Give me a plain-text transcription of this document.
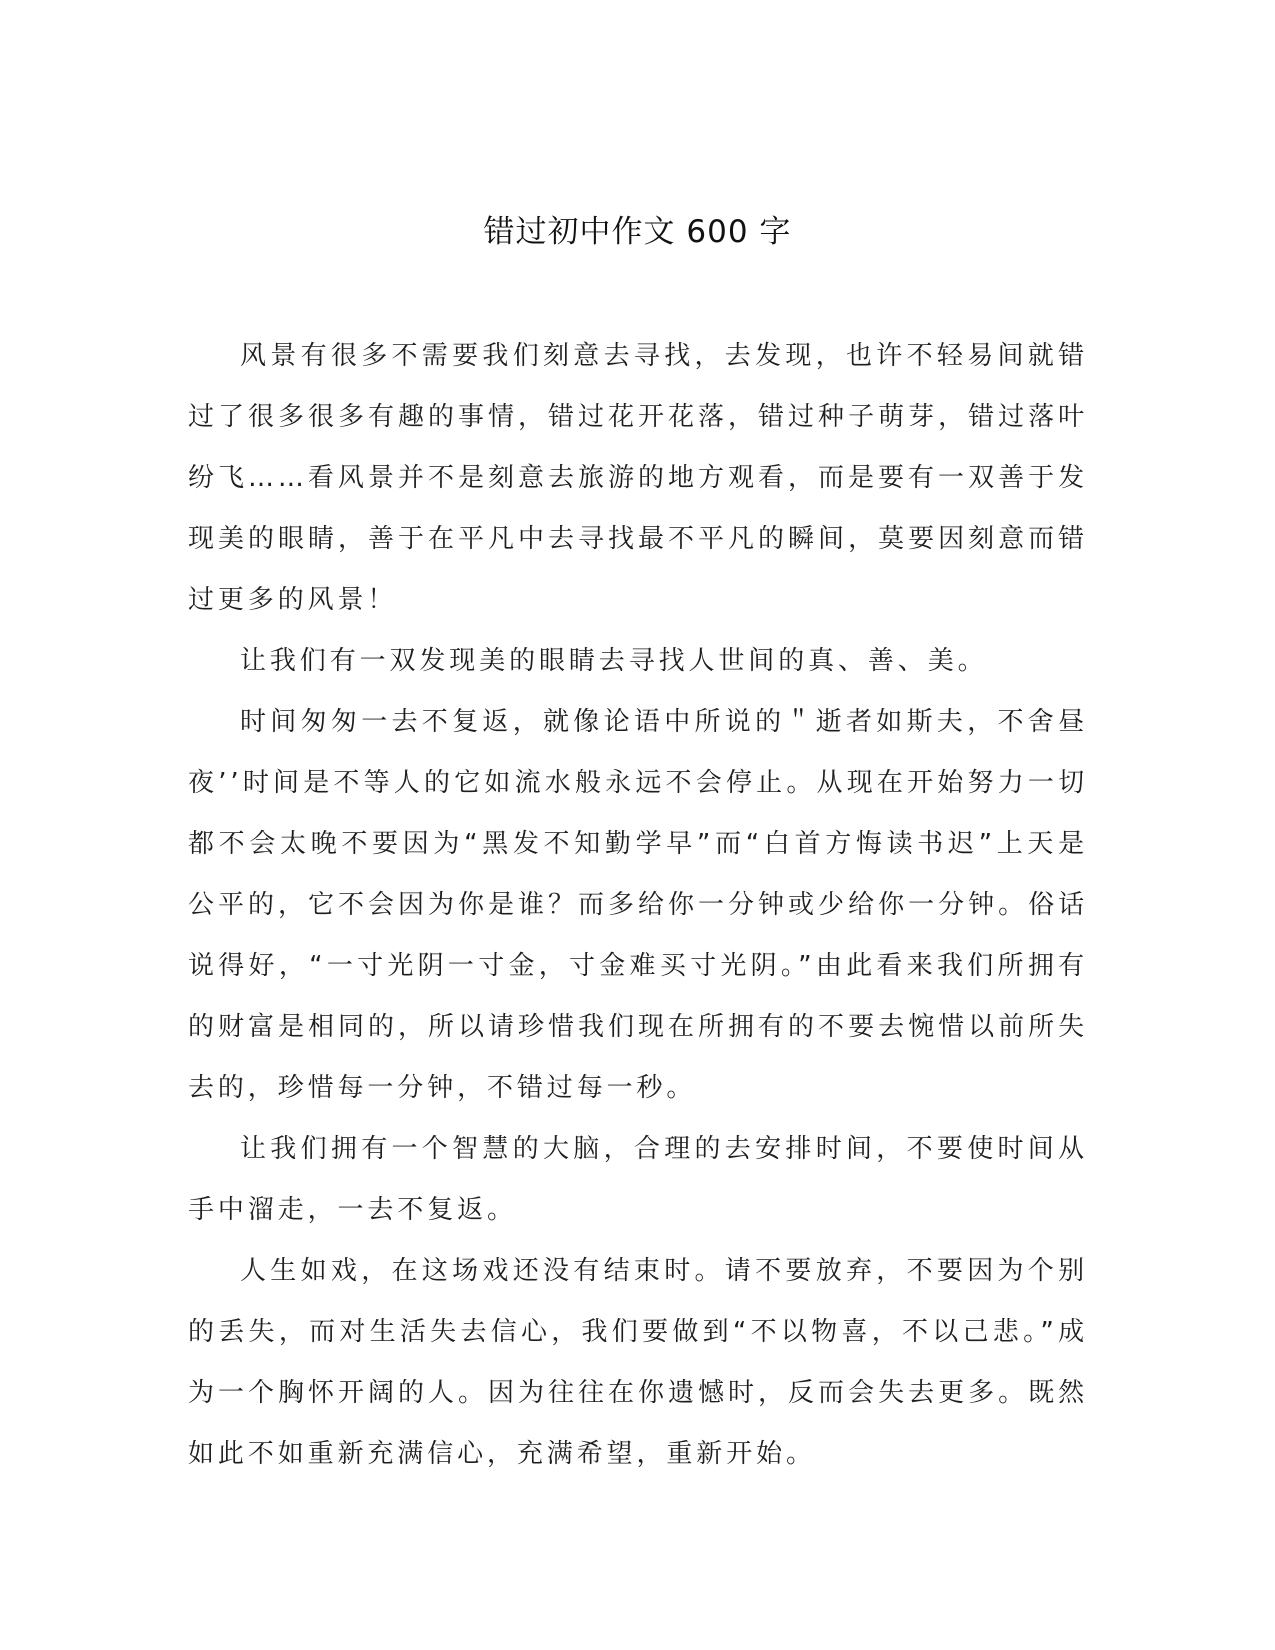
错过初中作文 600 字

风景有很多不需要我们刻意去寻找，去发现，也许不轻易间就错过了很多很多有趣的事情，错过花开花落，错过种子萌芽，错过落叶纷飞……看风景并不是刻意去旅游的地方观看，而是要有一双善于发现美的眼睛，善于在平凡中去寻找最不平凡的瞬间，莫要因刻意而错过更多的风景！

让我们有一双发现美的眼睛去寻找人世间的真、善、美。

时间匆匆一去不复返，就像论语中所说的＂逝者如斯夫，不舍昼夜’’时间是不等人的它如流水般永远不会停止。从现在开始努力一切都不会太晚不要因为“黑发不知勤学早”而“白首方悔读书迟”上天是公平的，它不会因为你是谁？而多给你一分钟或少给你一分钟。俗话说得好，“一寸光阴一寸金，寸金难买寸光阴。”由此看来我们所拥有的财富是相同的，所以请珍惜我们现在所拥有的不要去惋惜以前所失去的，珍惜每一分钟，不错过每一秒。

让我们拥有一个智慧的大脑，合理的去安排时间，不要使时间从手中溜走，一去不复返。

人生如戏，在这场戏还没有结束时。请不要放弃，不要因为个别的丢失，而对生活失去信心，我们要做到“不以物喜，不以己悲。”成为一个胸怀开阔的人。因为往往在你遗憾时，反而会失去更多。既然如此不如重新充满信心，充满希望，重新开始。
